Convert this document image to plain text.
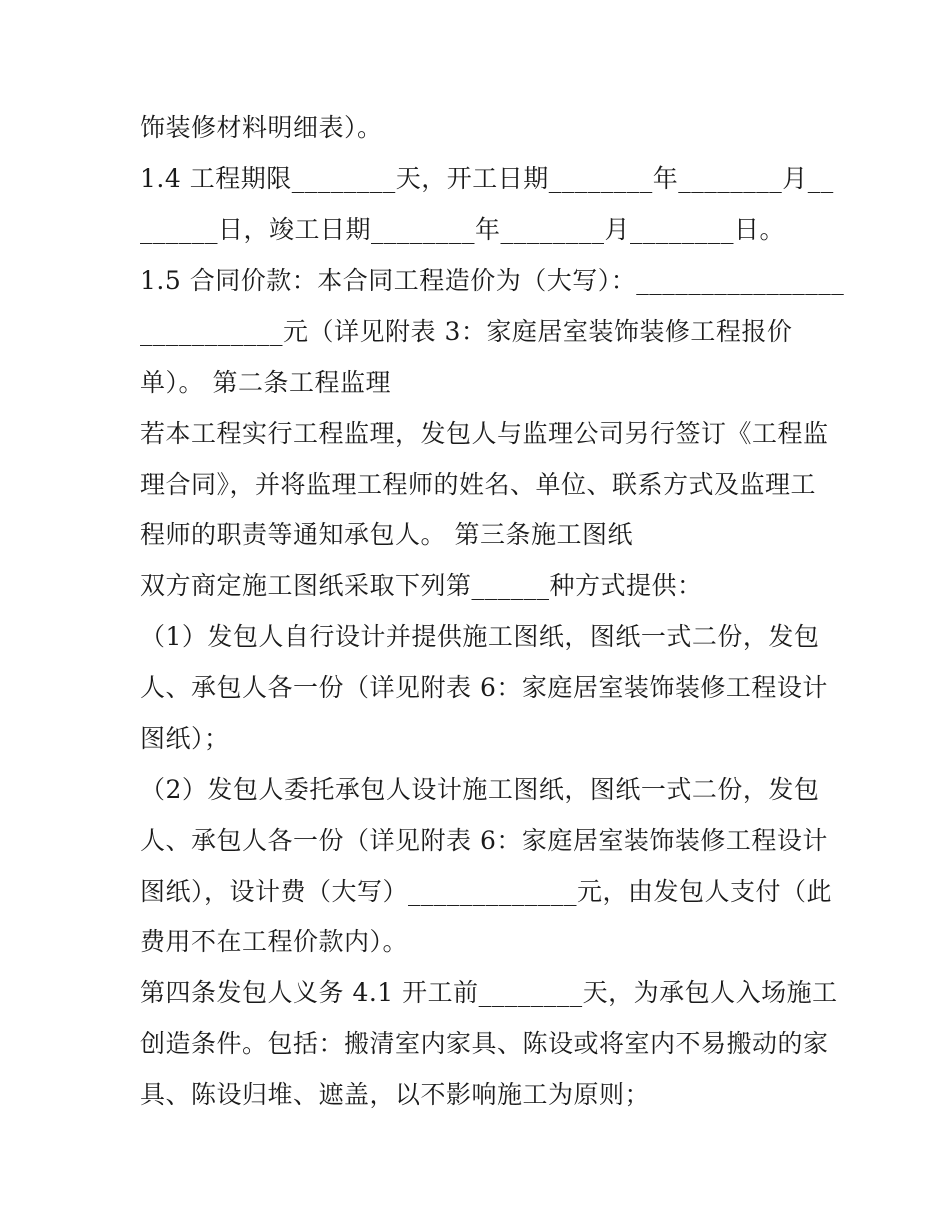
饰装修材料明细表）。
1.4 工程期限________天，开工日期________年________月__
______日，竣工日期________年________月________日。
1.5 合同价款：本合同工程造价为（大写）：________________
___________元（详见附表 3：家庭居室装饰装修工程报价
单）。 第二条工程监理
若本工程实行工程监理，发包人与监理公司另行签订《工程监
理合同》，并将监理工程师的姓名、单位、联系方式及监理工
程师的职责等通知承包人。 第三条施工图纸
双方商定施工图纸采取下列第______种方式提供：
（1）发包人自行设计并提供施工图纸，图纸一式二份，发包
人、承包人各一份（详见附表 6：家庭居室装饰装修工程设计
图纸）；
（2）发包人委托承包人设计施工图纸，图纸一式二份，发包
人、承包人各一份（详见附表 6：家庭居室装饰装修工程设计
图纸），设计费（大写）_____________元，由发包人支付（此
费用不在工程价款内）。
第四条发包人义务 4.1 开工前________天，为承包人入场施工
创造条件。包括：搬清室内家具、陈设或将室内不易搬动的家
具、陈设归堆、遮盖，以不影响施工为原则；
